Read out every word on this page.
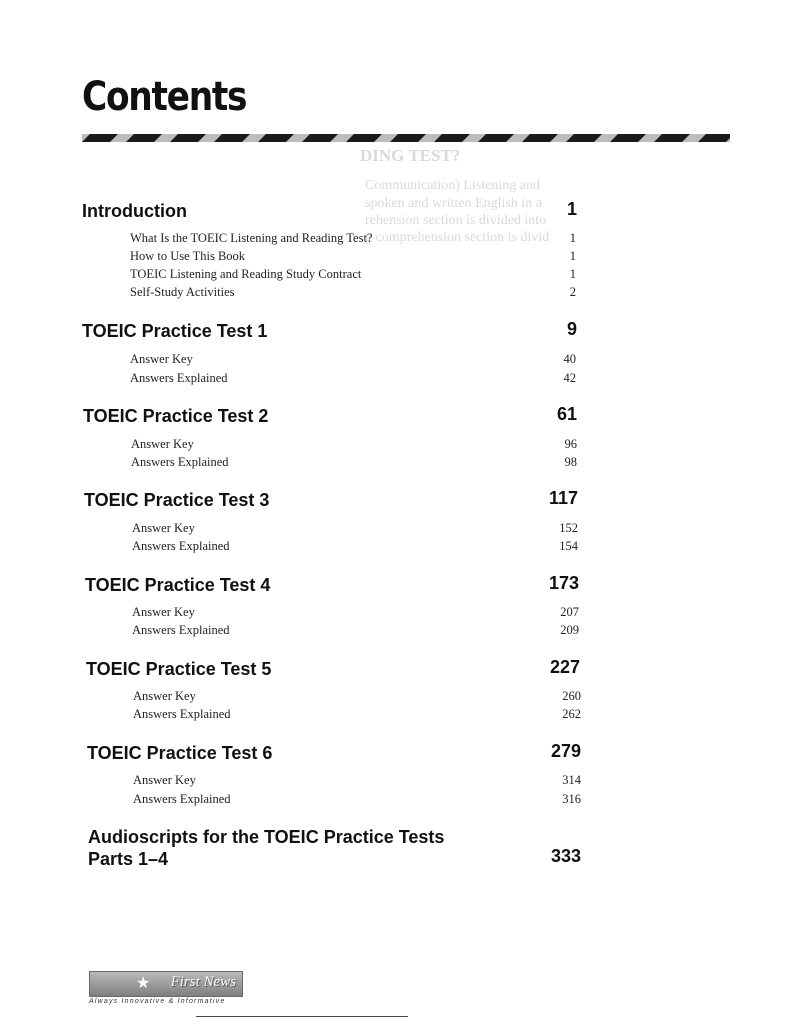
DING TEST?
Communication) Listening and
spoken and written English in a
rehension section is divided into
g comprehension section is divid
Contents
Introduction	1
What Is the TOEIC Listening and Reading Test?	1
How to Use This Book	1
TOEIC Listening and Reading Study Contract	1
Self-Study Activities	2
TOEIC Practice Test 1	9
Answer Key	40
Answers Explained	42
TOEIC Practice Test 2	61
Answer Key	96
Answers Explained	98
TOEIC Practice Test 3	117
Answer Key	152
Answers Explained	154
TOEIC Practice Test 4	173
Answer Key	207
Answers Explained	209
TOEIC Practice Test 5	227
Answer Key	260
Answers Explained	262
TOEIC Practice Test 6	279
Answer Key	314
Answers Explained	316
Audioscripts for the TOEIC Practice Tests Parts 1–4	333
★ First News
Always Innovative & Informative
